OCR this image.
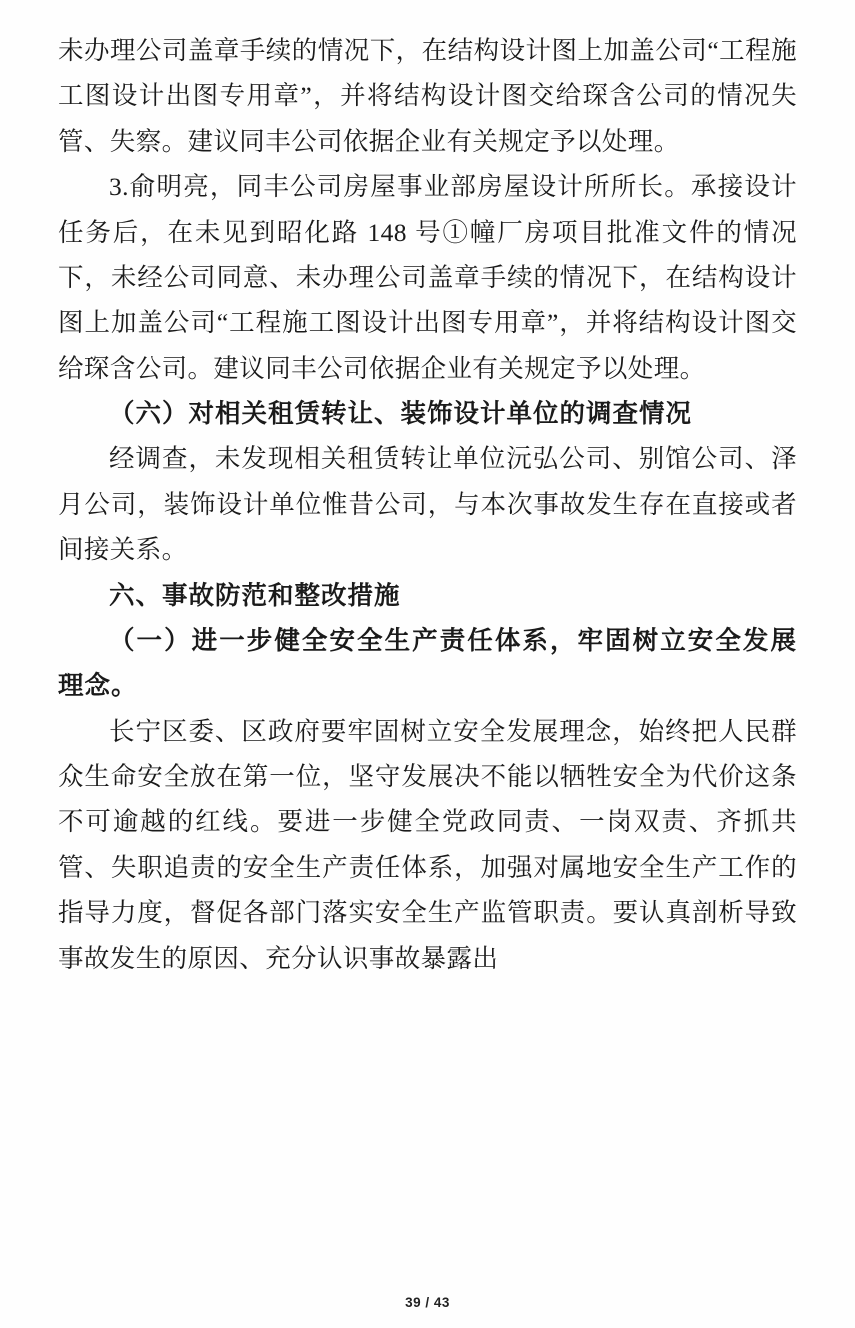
未办理公司盖章手续的情况下，在结构设计图上加盖公司“工程施工图设计出图专用章”，并将结构设计图交给琛含公司的情况失管、失察。建议同丰公司依据企业有关规定予以处理。

3.俞明亮，同丰公司房屋事业部房屋设计所所长。承接设计任务后，在未见到昭化路 148 号①幢厂房项目批准文件的情况下，未经公司同意、未办理公司盖章手续的情况下，在结构设计图上加盖公司“工程施工图设计出图专用章”，并将结构设计图交给琛含公司。建议同丰公司依据企业有关规定予以处理。

（六）对相关租赁转让、装饰设计单位的调查情况

经调查，未发现相关租赁转让单位沅弘公司、别馆公司、泽月公司，装饰设计单位惟昔公司，与本次事故发生存在直接或者间接关系。

六、事故防范和整改措施

（一）进一步健全安全生产责任体系，牢固树立安全发展理念。

长宁区委、区政府要牢固树立安全发展理念，始终把人民群众生命安全放在第一位，坚守发展决不能以牺牲安全为代价这条不可逾越的红线。要进一步健全党政同责、一岗双责、齐抓共管、失职追责的安全生产责任体系，加强对属地安全生产工作的指导力度，督促各部门落实安全生产监管职责。要认真剖析导致事故发生的原因、充分认识事故暴露出

39 / 43
